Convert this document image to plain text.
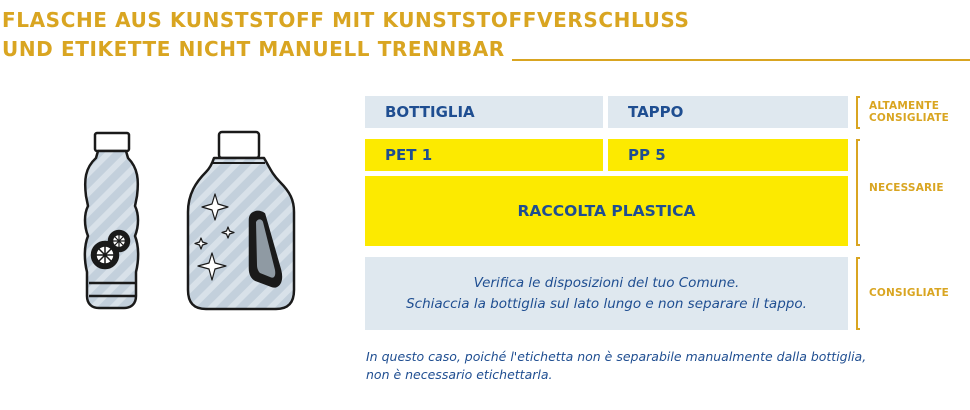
FLASCHE AUS KUNSTSTOFF MIT KUNSTSTOFFVERSCHLUSS
UND ETIKETTE NICHT MANUELL TRENNBAR
BOTTIGLIA	TAPPO
PET 1	PP 5
RACCOLTA PLASTICA
Verifica le disposizioni del tuo Comune.
Schiaccia la bottiglia sul lato lungo e non separare il tappo.
In questo caso, poiché l'etichetta non è separabile manualmente dalla bottiglia,
non è necessario etichettarla.
ALTAMENTE
CONSIGLIATE
NECESSARIE
CONSIGLIATE
